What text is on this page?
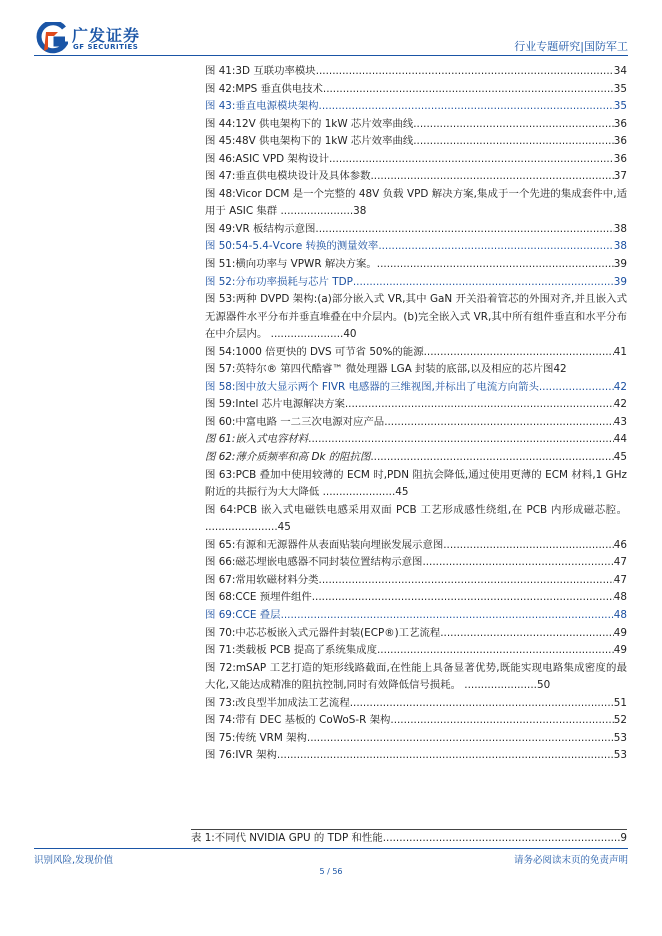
广发证券
GF SECURITIES	行业专题研究|国防军工
图 41:3D 互联功率模块 .....	34
图 42:MPS 垂直供电技术 .....	35
图 43:垂直电源模块架构 .....	35
图 44:12V 供电架构下的 1kW 芯片效率曲线 .....	36
图 45:48V 供电架构下的 1kW 芯片效率曲线 .....	36
图 46:ASIC VPD 架构设计 .....	36
图 47:垂直供电模块设计及具体参数 .....	37
图 48:Vicor DCM 是一个完整的 48V 负载 VPD 解决方案,集成于一个先进的集成套件中,适用于 ASIC 集群 ......................38
图 49:VR 板结构示意图 .....	38
图 50:54-5.4-Vcore 转换的测量效率 .....	38
图 51:横向功率与 VPWR 解决方案。 .....	39
图 52:分布功率损耗与芯片 TDP .....	39
图 53:两种 DVPD 架构:(a)部分嵌入式 VR,其中 GaN 开关沿着管芯的外围对齐,并且嵌入式无源器件水平分布并垂直堆叠在中介层内。(b)完全嵌入式 VR,其中所有组件垂直和水平分布在中介层内。 ......................40
图 54:1000 倍更快的 DVS 可节省 50%的能源 .....	41
图 57:英特尔® 第四代酷睿™ 微处理器 LGA 封装的底部,以及相应的芯片图 42
图 58:图中放大显示两个 FIVR 电感器的三维视图,并标出了电流方向箭头 .....	42
图 59:Intel 芯片电源解决方案 .....	42
图 60:中富电路 一二三次电源对应产品 .....	43
图 61:嵌入式电容材料 .....	44
图 62:薄介质频率和高 Dk 的阻抗图 .....	45
图 63:PCB 叠加中使用较薄的 ECM 时,PDN 阻抗会降低,通过使用更薄的 ECM 材料,1 GHz 附近的共振行为大大降低 ......................45
图 64:PCB 嵌入式电磁铁电感采用双面 PCB 工艺形成感性绕组,在 PCB 内形成磁芯腔。 ......................45
图 65:有源和无源器件从表面贴装向埋嵌发展示意图 .....	46
图 66:磁芯埋嵌电感器不同封装位置结构示意图 .....	47
图 67:常用软磁材料分类 .....	47
图 68:CCE 预埋件组件 .....	48
图 69:CCE 叠层 .....	48
图 70:中芯芯板嵌入式元器件封装(ECP®)工艺流程 .....	49
图 71:类载板 PCB 提高了系统集成度 .....	49
图 72:mSAP 工艺打造的矩形线路截面,在性能上具备显著优势,既能实现电路集成密度的最大化,又能达成精准的阻抗控制,同时有效降低信号损耗。 ......................50
图 73:改良型半加成法工艺流程 .....	51
图 74:带有 DEC 基板的 CoWoS-R 架构 .....	52
图 75:传统 VRM 架构 .....	53
图 76:IVR 架构 .....	53
表 1:不同代 NVIDIA GPU 的 TDP 和性能 .....	9
识别风险,发现价值	请务必阅读末页的免责声明
5 / 56
